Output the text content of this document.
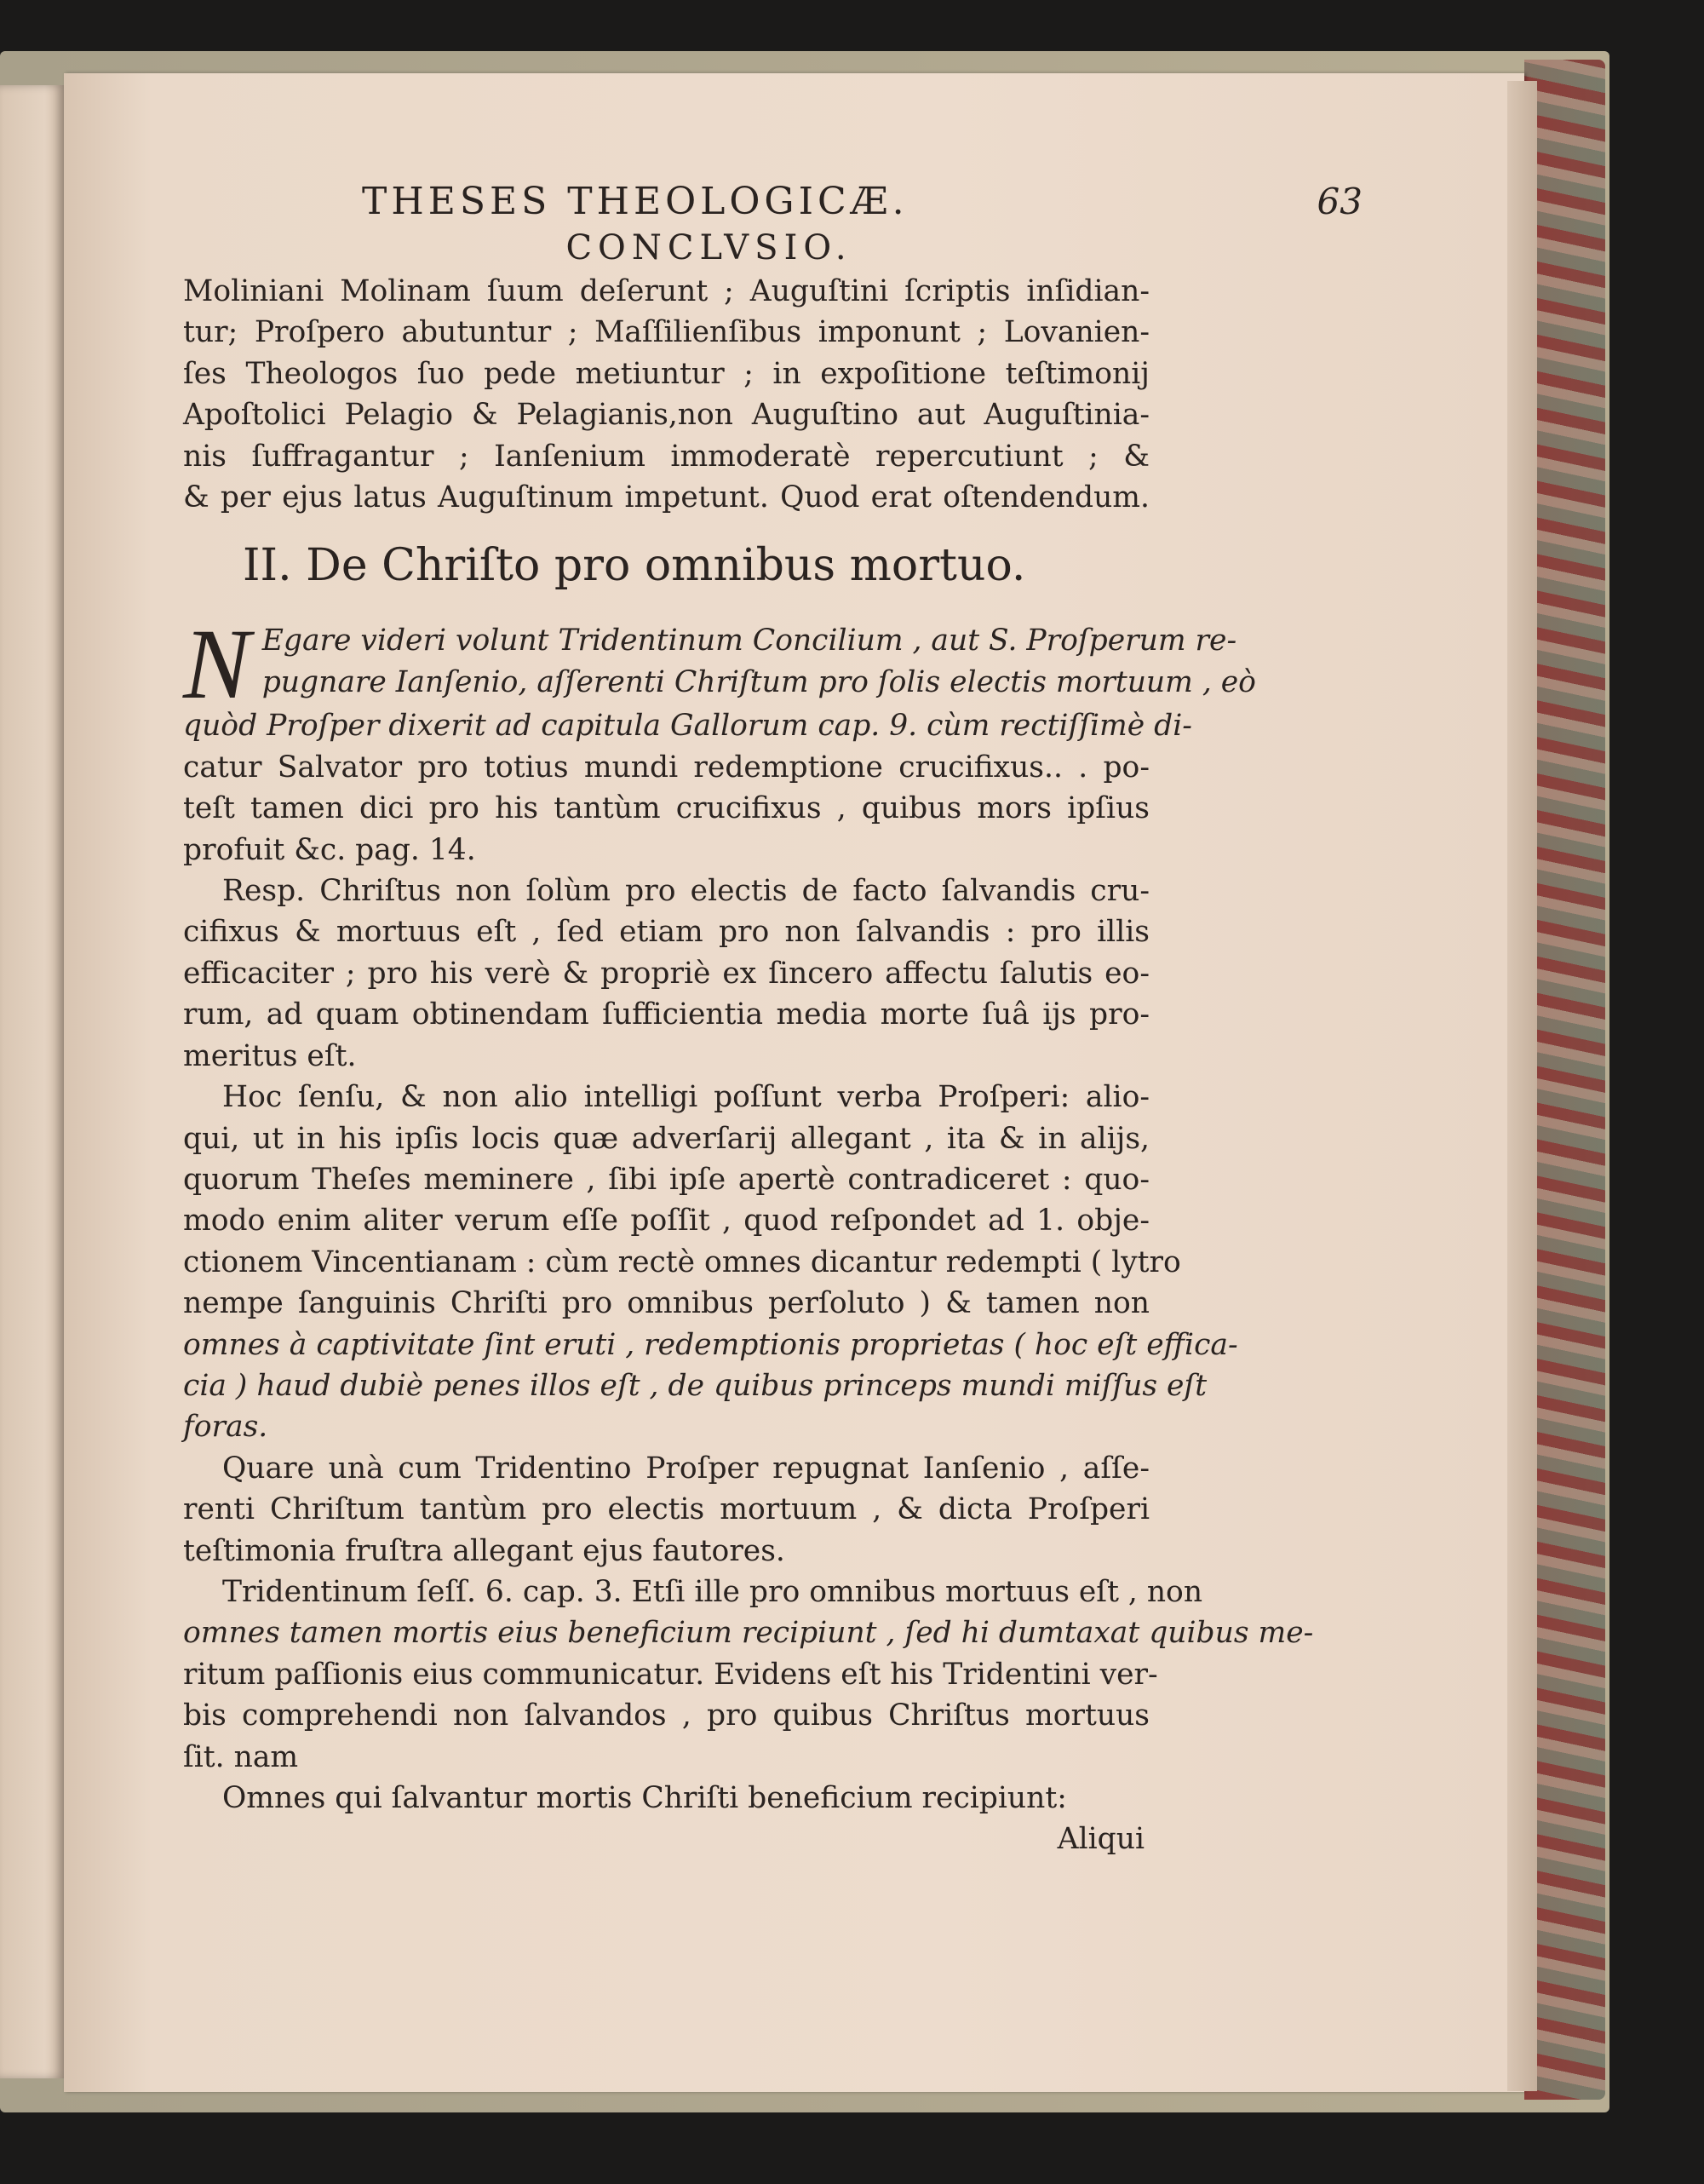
THESES THEOLOGICÆ.	63
CONCLVSIO.
Moliniani Molinam ſuum deſerunt ; Auguſtini ſcriptis inſidian-
tur; Proſpero abutuntur ; Maſſilienſibus imponunt ; Lovanien-
ſes Theologos ſuo pede metiuntur ; in expoſitione teſtimonij
Apoſtolici Pelagio & Pelagianis,non Auguſtino aut Auguſtinia-
nis ſuffragantur ; Ianſenium immoderatè repercutiunt ; &
& per ejus latus Auguſtinum impetunt. Quod erat oſtendendum.
II. De Chriſto pro omnibus mortuo.
N Egare videri volunt Tridentinum Concilium , aut S. Proſperum re-
pugnare Ianſenio, aſſerenti Chriſtum pro ſolis electis mortuum , eò
quòd Proſper dixerit ad capitula Gallorum cap. 9. cùm rectiſſimè di-
catur Salvator pro totius mundi redemptione crucifixus.. . po-
teſt tamen dici pro his tantùm crucifixus , quibus mors ipſius
profuit &c. pag. 14.
Resp. Chriſtus non ſolùm pro electis de facto ſalvandis cru-
cifixus & mortuus eſt , ſed etiam pro non ſalvandis : pro illis
efficaciter ; pro his verè & propriè ex ſincero affectu ſalutis eo-
rum, ad quam obtinendam ſufficientia media morte ſuâ ijs pro-
meritus eſt.
Hoc ſenſu, & non alio intelligi poſſunt verba Proſperi: alio-
qui, ut in his ipſis locis quæ adverſarij allegant , ita & in alijs,
quorum Theſes meminere , ſibi ipſe apertè contradiceret : quo-
modo enim aliter verum eſſe poſſit , quod reſpondet ad 1. obje-
ctionem Vincentianam : cùm rectè omnes dicantur redempti ( lytro
nempe ſanguinis Chriſti pro omnibus perſoluto ) & tamen non
omnes à captivitate ſint eruti , redemptionis proprietas ( hoc eſt effica-
cia ) haud dubiè penes illos eſt , de quibus princeps mundi miſſus eſt
foras.
Quare unà cum Tridentino Proſper repugnat Ianſenio , aſſe-
renti Chriſtum tantùm pro electis mortuum , & dicta Proſperi
teſtimonia fruſtra allegant ejus fautores.
Tridentinum ſeſſ. 6. cap. 3. Etſi ille pro omnibus mortuus eſt , non
omnes tamen mortis eius beneficium recipiunt , ſed hi dumtaxat quibus me-
ritum paſſionis eius communicatur. Evidens eſt his Tridentini ver-
bis comprehendi non ſalvandos , pro quibus Chriſtus mortuus
ſit. nam
Omnes qui ſalvantur mortis Chriſti beneficium recipiunt:
Aliqui
